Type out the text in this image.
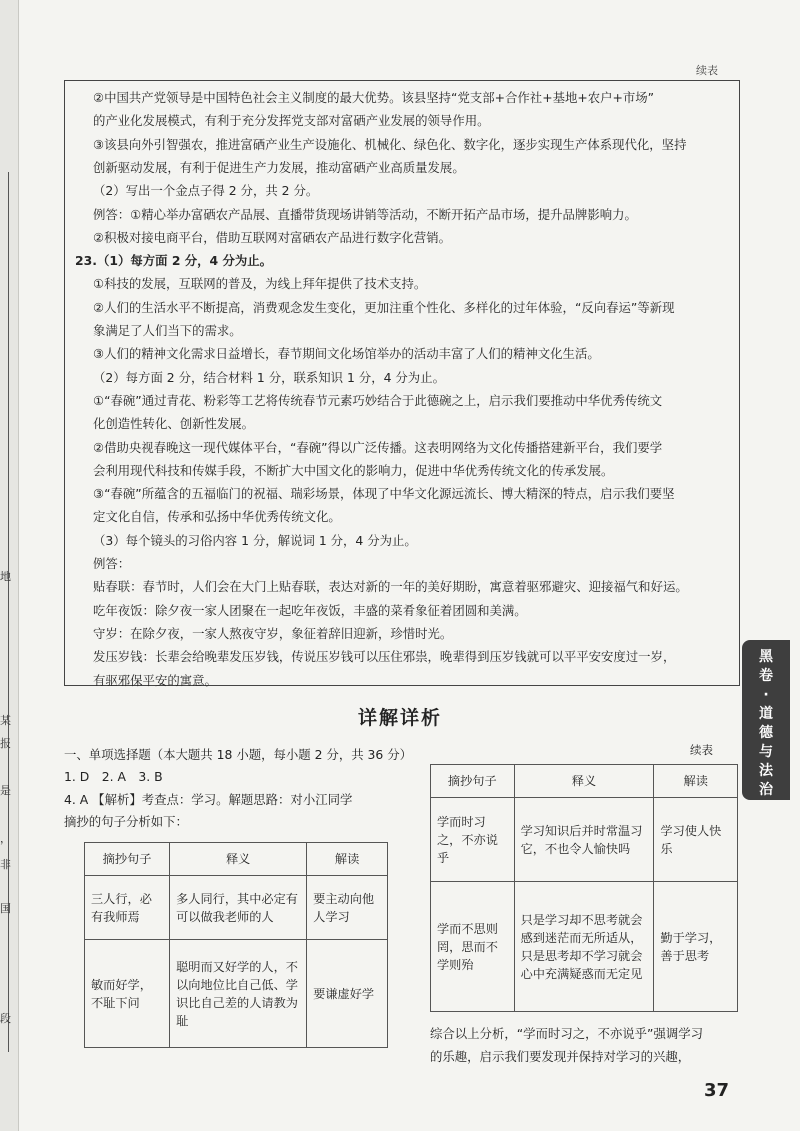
地
某
报
是
，
非
国
段
续表
②中国共产党领导是中国特色社会主义制度的最大优势。该县坚持“党支部+合作社+基地+农户+市场”
的产业化发展模式，有利于充分发挥党支部对富硒产业发展的领导作用。
③该县向外引智强农，推进富硒产业生产设施化、机械化、绿色化、数字化，逐步实现生产体系现代化，坚持
创新驱动发展，有利于促进生产力发展，推动富硒产业高质量发展。
（2）写出一个金点子得 2 分，共 2 分。
例答：①精心举办富硒农产品展、直播带货现场讲销等活动，不断开拓产品市场，提升品牌影响力。
②积极对接电商平台，借助互联网对富硒农产品进行数字化营销。
23.（1）每方面 2 分，4 分为止。
①科技的发展，互联网的普及，为线上拜年提供了技术支持。
②人们的生活水平不断提高，消费观念发生变化，更加注重个性化、多样化的过年体验，“反向春运”等新现
象满足了人们当下的需求。
③人们的精神文化需求日益增长，春节期间文化场馆举办的活动丰富了人们的精神文化生活。
（2）每方面 2 分，结合材料 1 分，联系知识 1 分，4 分为止。
①“春碗”通过青花、粉彩等工艺将传统春节元素巧妙结合于此德碗之上，启示我们要推动中华优秀传统文
化创造性转化、创新性发展。
②借助央视春晚这一现代媒体平台，“春碗”得以广泛传播。这表明网络为文化传播搭建新平台，我们要学
会利用现代科技和传媒手段，不断扩大中国文化的影响力，促进中华优秀传统文化的传承发展。
③“春碗”所蕴含的五福临门的祝福、瑞彩场景，体现了中华文化源远流长、博大精深的特点，启示我们要坚
定文化自信，传承和弘扬中华优秀传统文化。
（3）每个镜头的习俗内容 1 分，解说词 1 分，4 分为止。
例答：
贴春联：春节时，人们会在大门上贴春联，表达对新的一年的美好期盼，寓意着驱邪避灾、迎接福气和好运。
吃年夜饭：除夕夜一家人团聚在一起吃年夜饭，丰盛的菜肴象征着团圆和美满。
守岁：在除夕夜，一家人熬夜守岁，象征着辞旧迎新，珍惜时光。
发压岁钱：长辈会给晚辈发压岁钱，传说压岁钱可以压住邪祟，晚辈得到压岁钱就可以平平安安度过一岁，
有驱邪保平安的寓意。
详解详析
一、单项选择题（本大题共 18 小题，每小题 2 分，共 36 分）
1. D　2. A　3. B
4. A 【解析】考查点：学习。解题思路：对小江同学
摘抄的句子分析如下：
摘抄句子	释义	解读
三人行，必有我师焉	多人同行，其中必定有可以做我老师的人	要主动向他人学习
敏而好学，不耻下问	聪明而又好学的人，不以向地位比自己低、学识比自己差的人请教为耻	要谦虚好学
续表
摘抄句子	释义	解读
学而时习之，不亦说乎	学习知识后并时常温习它，不也令人愉快吗	学习使人快乐
学而不思则罔，思而不学则殆	只是学习却不思考就会感到迷茫而无所适从，只是思考却不学习就会心中充满疑惑而无定见	勤于学习，善于思考
综合以上分析，“学而时习之，不亦说乎”强调学习
的乐趣，启示我们要发现并保持对学习的兴趣，
黑
卷
·
道
德
与
法
治
37
